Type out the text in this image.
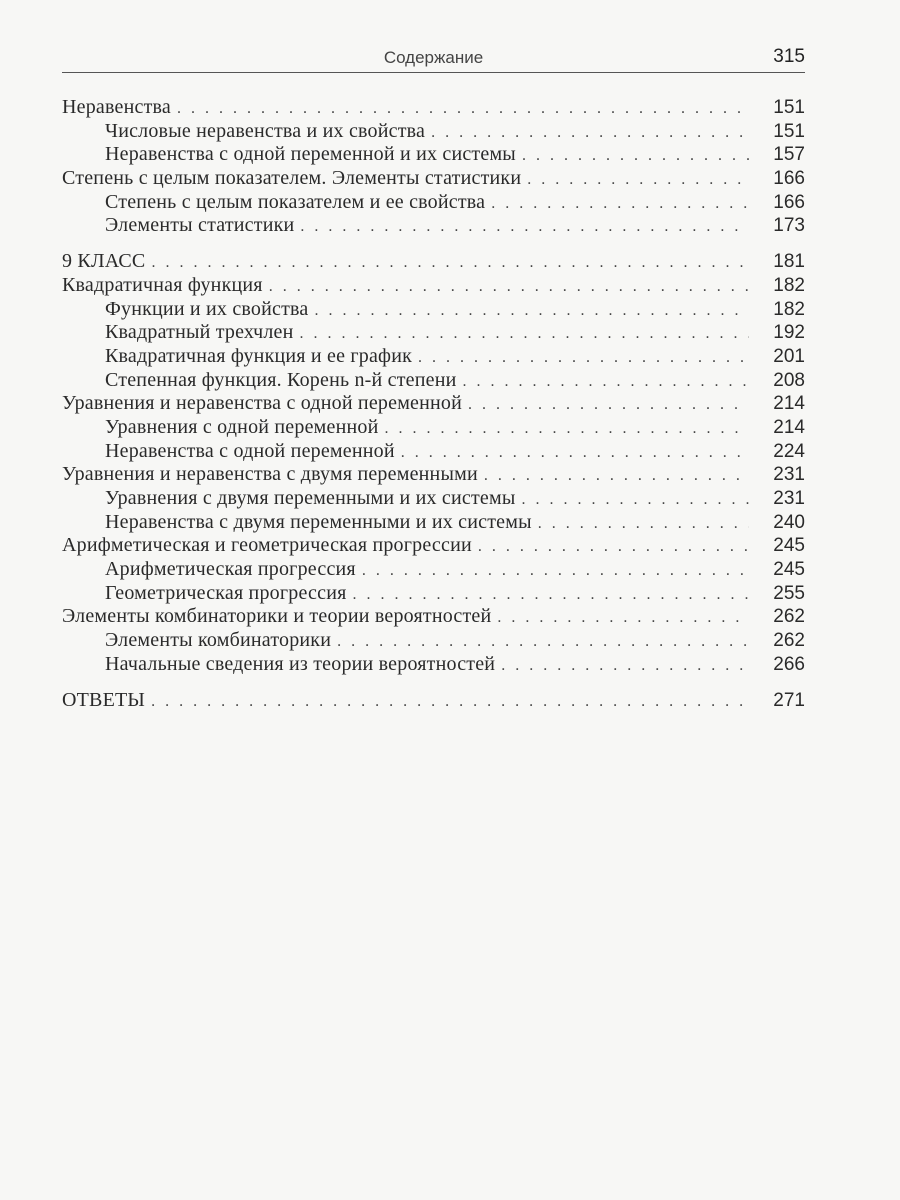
Содержание	315
Неравенства . . .	151
Числовые неравенства и их свойства . . .	151
Неравенства с одной переменной и их системы . . .	157
Степень с целым показателем. Элементы статистики . . .	166
Степень с целым показателем и ее свойства . . .	166
Элементы статистики . . .	173
9 КЛАСС . . .	181
Квадратичная функция . . .	182
Функции и их свойства . . .	182
Квадратный трехчлен . . .	192
Квадратичная функция и ее график . . .	201
Степенная функция. Корень n-й степени . . .	208
Уравнения и неравенства с одной переменной . . .	214
Уравнения с одной переменной . . .	214
Неравенства с одной переменной . . .	224
Уравнения и неравенства с двумя переменными . . .	231
Уравнения с двумя переменными и их системы . . .	231
Неравенства с двумя переменными и их системы . . .	240
Арифметическая и геометрическая прогрессии . . .	245
Арифметическая прогрессия . . .	245
Геометрическая прогрессия . . .	255
Элементы комбинаторики и теории вероятностей . . .	262
Элементы комбинаторики . . .	262
Начальные сведения из теории вероятностей . . .	266
ОТВЕТЫ . . .	271
